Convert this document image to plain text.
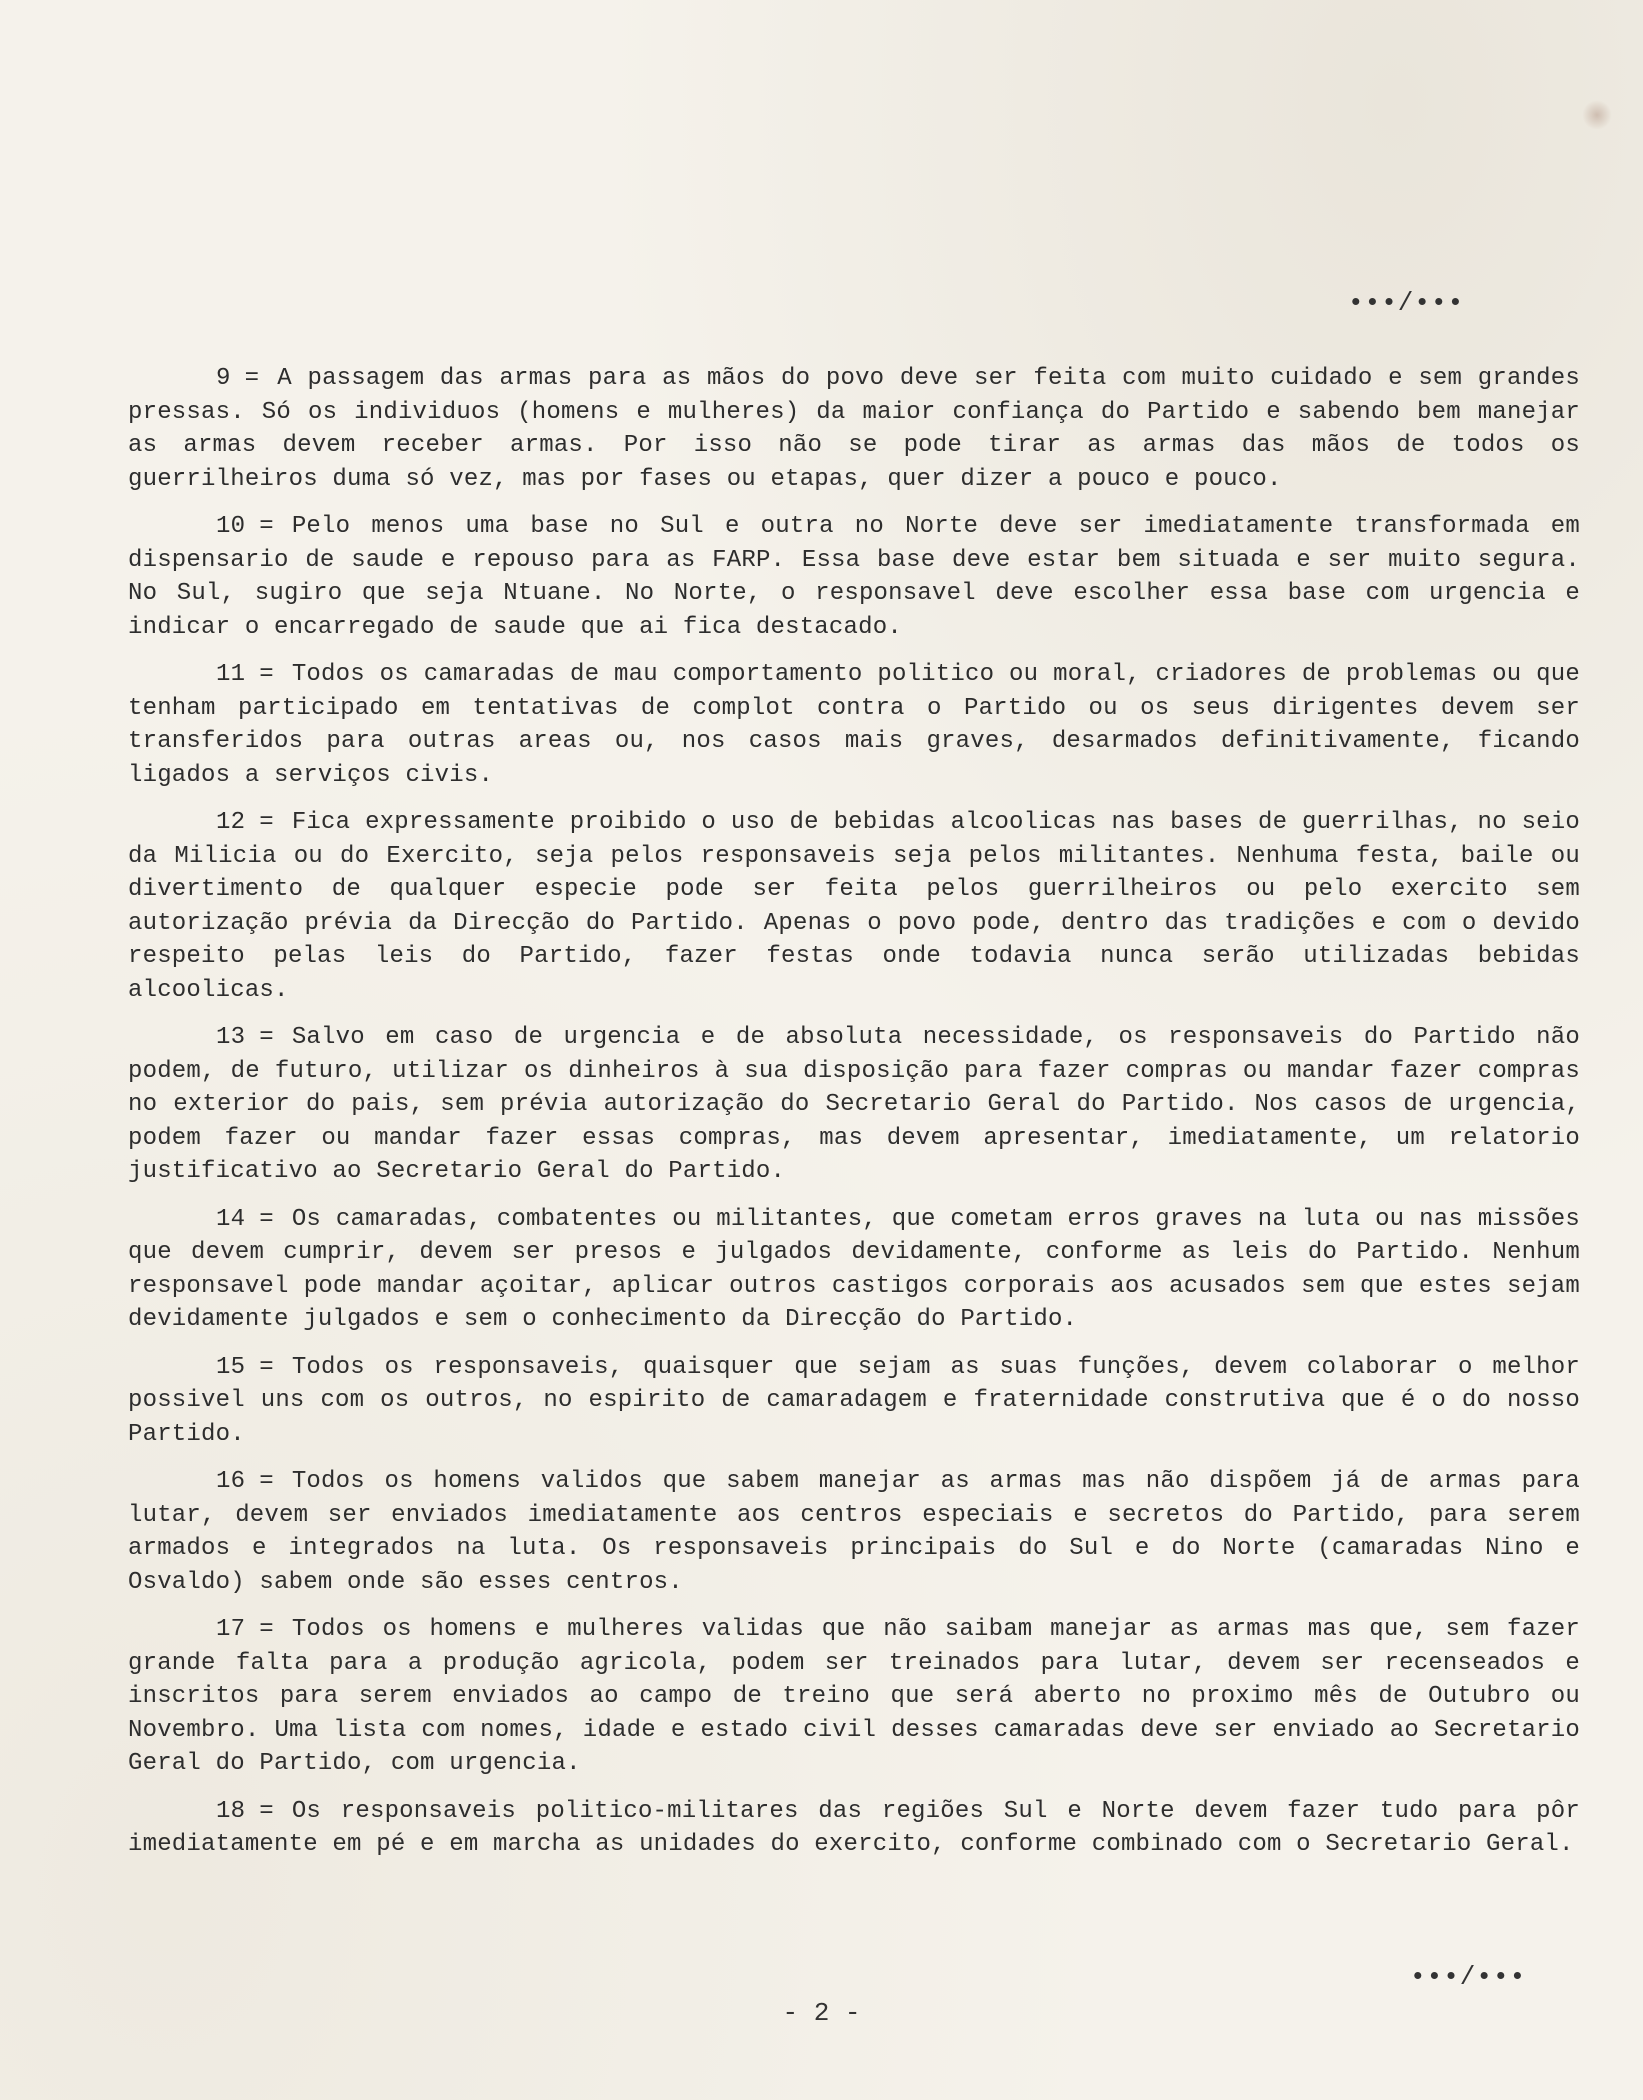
•••/•••

9 = A passagem das armas para as mãos do povo deve ser feita com muito cuidado e sem grandes pressas. Só os individuos (homens e mulheres) da maior confiança do Partido e sabendo bem manejar as armas devem receber armas. Por isso não se pode tirar as armas das mãos de todos os guerrilheiros duma só vez, mas por fases ou etapas, quer dizer a pouco e pouco.

10 = Pelo menos uma base no Sul e outra no Norte deve ser imediatamente transformada em dispensario de saude e repouso para as FARP. Essa base deve estar bem situada e ser muito segura. No Sul, sugiro que seja Ntuane. No Norte, o responsavel deve escolher essa base com urgencia e indicar o encarregado de saude que ai fica destacado.

11 = Todos os camaradas de mau comportamento politico ou moral, criadores de problemas ou que tenham participado em tentativas de complot contra o Partido ou os seus dirigentes devem ser transferidos para outras areas ou, nos casos mais graves, desarmados definitivamente, ficando ligados a serviços civis.

12 = Fica expressamente proibido o uso de bebidas alcoolicas nas bases de guerrilhas, no seio da Milicia ou do Exercito, seja pelos responsaveis seja pelos militantes. Nenhuma festa, baile ou divertimento de qualquer especie pode ser feita pelos guerrilheiros ou pelo exercito sem autorização prévia da Direcção do Partido. Apenas o povo pode, dentro das tradições e com o devido respeito pelas leis do Partido, fazer festas onde todavia nunca serão utilizadas bebidas alcoolicas.

13 = Salvo em caso de urgencia e de absoluta necessidade, os responsaveis do Partido não podem, de futuro, utilizar os dinheiros à sua disposição para fazer compras ou mandar fazer compras no exterior do pais, sem prévia autorização do Secretario Geral do Partido. Nos casos de urgencia, podem fazer ou mandar fazer essas compras, mas devem apresentar, imediatamente, um relatorio justificativo ao Secretario Geral do Partido.

14 = Os camaradas, combatentes ou militantes, que cometam erros graves na luta ou nas missões que devem cumprir, devem ser presos e julgados devidamente, conforme as leis do Partido. Nenhum responsavel pode mandar açoitar, aplicar outros castigos corporais aos acusados sem que estes sejam devidamente julgados e sem o conhecimento da Direcção do Partido.

15 = Todos os responsaveis, quaisquer que sejam as suas funções, devem colaborar o melhor possivel uns com os outros, no espirito de camaradagem e fraternidade construtiva que é o do nosso Partido.

16 = Todos os homens validos que sabem manejar as armas mas não dispõem já de armas para lutar, devem ser enviados imediatamente aos centros especiais e secretos do Partido, para serem armados e integrados na luta. Os responsaveis principais do Sul e do Norte (camaradas Nino e Osvaldo) sabem onde são esses centros.

17 = Todos os homens e mulheres validas que não saibam manejar as armas mas que, sem fazer grande falta para a produção agricola, podem ser treinados para lutar, devem ser recenseados e inscritos para serem enviados ao campo de treino que será aberto no proximo mês de Outubro ou Novembro. Uma lista com nomes, idade e estado civil desses camaradas deve ser enviado ao Secretario Geral do Partido, com urgencia.

18 = Os responsaveis politico-militares das regiões Sul e Norte devem fazer tudo para pôr imediatamente em pé e em marcha as unidades do exercito, conforme combinado com o Secretario Geral.

•••/•••
- 2 -
